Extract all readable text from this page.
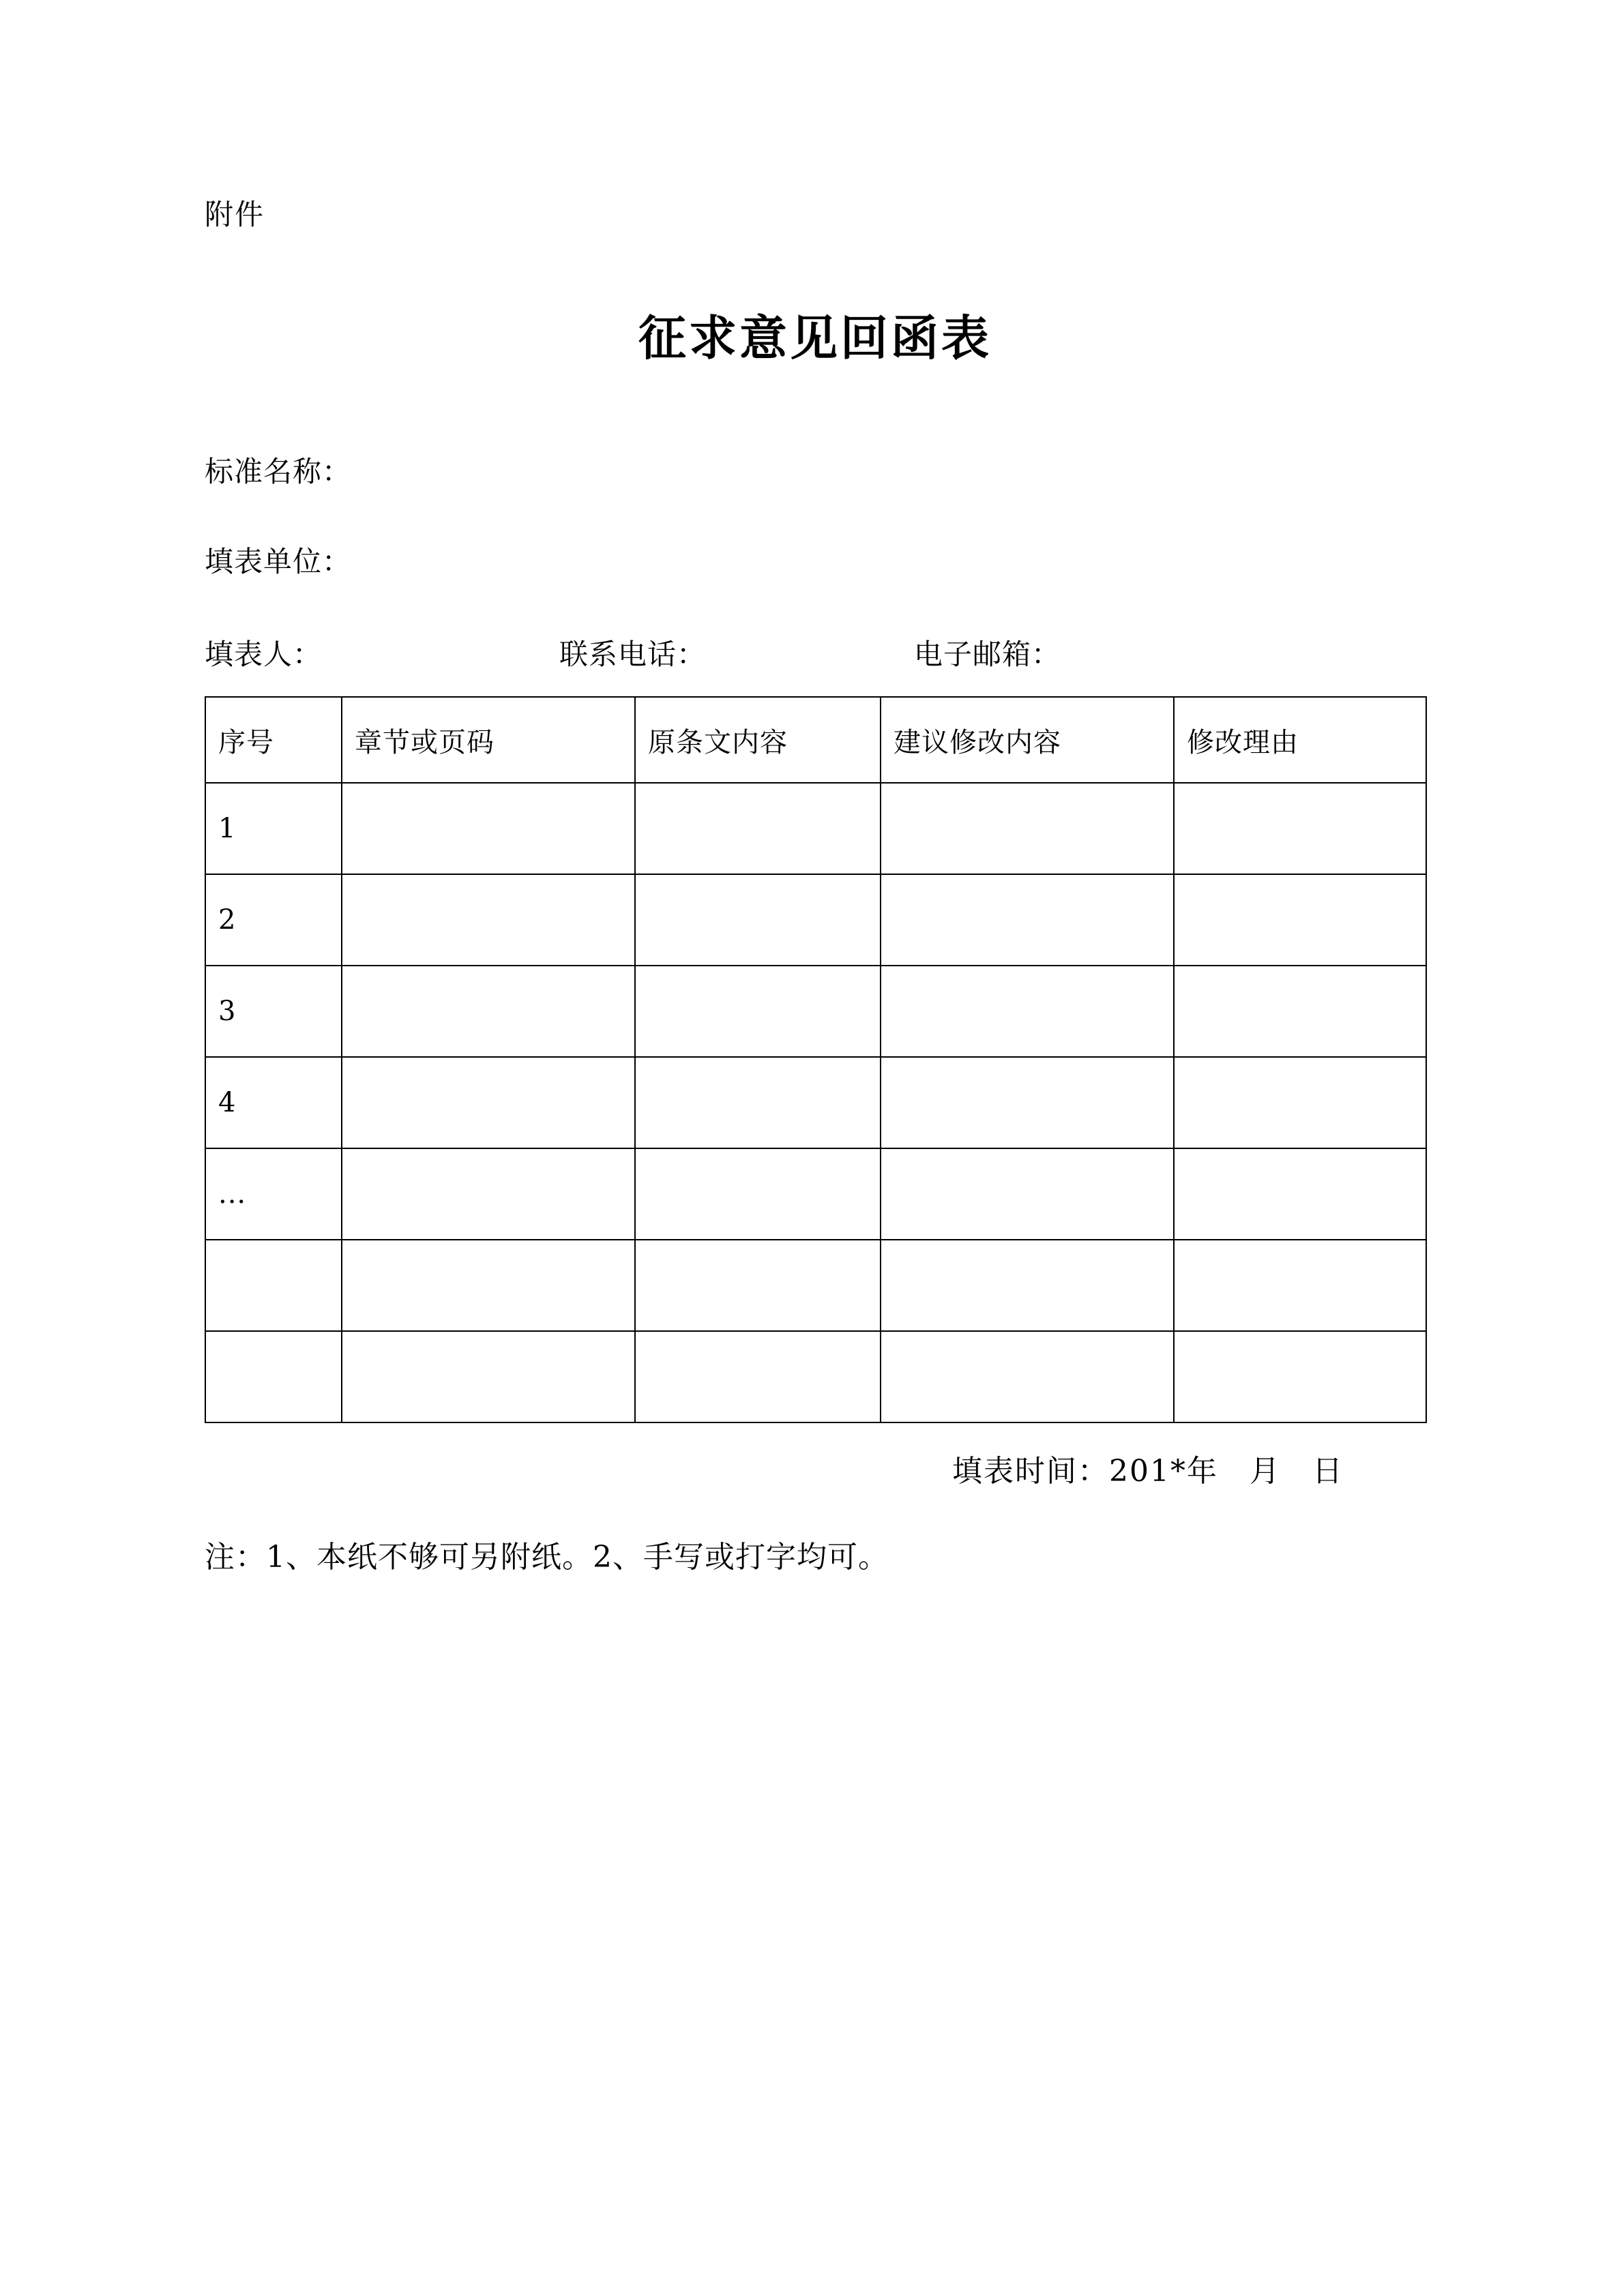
附件
征求意见回函表
标准名称：
填表单位：
填表人：	联系电话：	电子邮箱：
序号	章节或页码	原条文内容	建议修改内容	修改理由
1				
2				
3				
4				
...				

填表时间：201*年　月　日
注：1、本纸不够可另附纸。2、手写或打字均可。
